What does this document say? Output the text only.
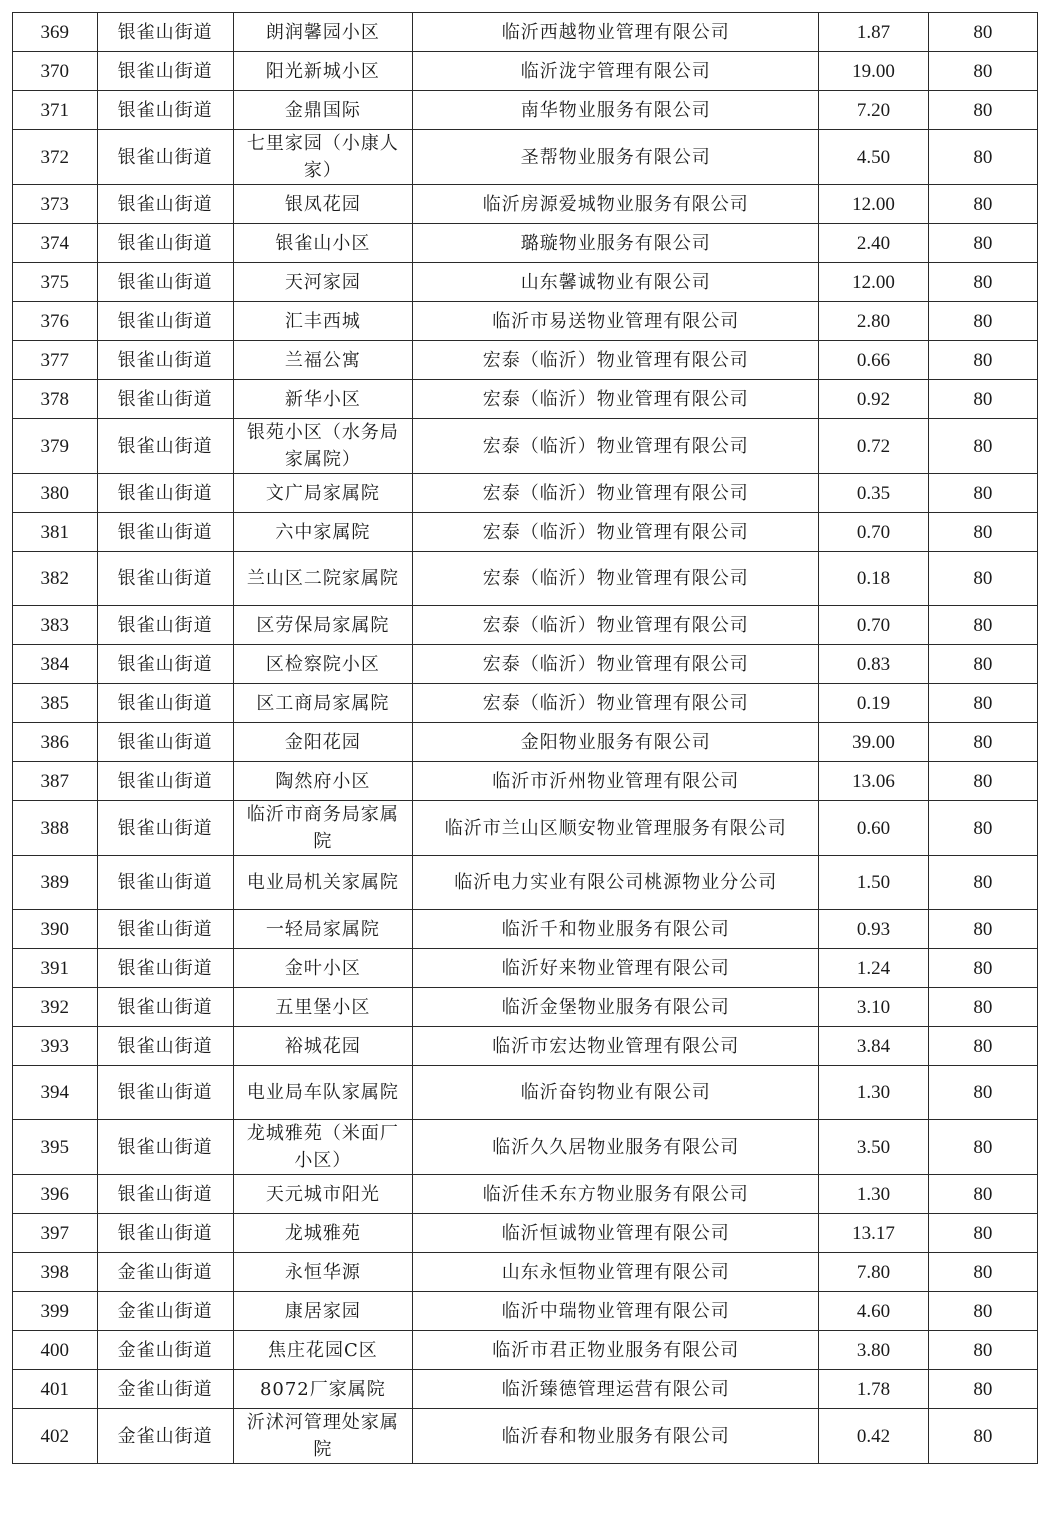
369	银雀山街道	朗润馨园小区	临沂西越物业管理有限公司	1.87	80
370	银雀山街道	阳光新城小区	临沂泷宇管理有限公司	19.00	80
371	银雀山街道	金鼎国际	南华物业服务有限公司	7.20	80
372	银雀山街道	七里家园（小康人家）	圣帮物业服务有限公司	4.50	80
373	银雀山街道	银凤花园	临沂房源爱城物业服务有限公司	12.00	80
374	银雀山街道	银雀山小区	璐璇物业服务有限公司	2.40	80
375	银雀山街道	天河家园	山东馨诚物业有限公司	12.00	80
376	银雀山街道	汇丰西城	临沂市易送物业管理有限公司	2.80	80
377	银雀山街道	兰福公寓	宏泰（临沂）物业管理有限公司	0.66	80
378	银雀山街道	新华小区	宏泰（临沂）物业管理有限公司	0.92	80
379	银雀山街道	银苑小区（水务局家属院）	宏泰（临沂）物业管理有限公司	0.72	80
380	银雀山街道	文广局家属院	宏泰（临沂）物业管理有限公司	0.35	80
381	银雀山街道	六中家属院	宏泰（临沂）物业管理有限公司	0.70	80
382	银雀山街道	兰山区二院家属院	宏泰（临沂）物业管理有限公司	0.18	80
383	银雀山街道	区劳保局家属院	宏泰（临沂）物业管理有限公司	0.70	80
384	银雀山街道	区检察院小区	宏泰（临沂）物业管理有限公司	0.83	80
385	银雀山街道	区工商局家属院	宏泰（临沂）物业管理有限公司	0.19	80
386	银雀山街道	金阳花园	金阳物业服务有限公司	39.00	80
387	银雀山街道	陶然府小区	临沂市沂州物业管理有限公司	13.06	80
388	银雀山街道	临沂市商务局家属院	临沂市兰山区顺安物业管理服务有限公司	0.60	80
389	银雀山街道	电业局机关家属院	临沂电力实业有限公司桃源物业分公司	1.50	80
390	银雀山街道	一轻局家属院	临沂千和物业服务有限公司	0.93	80
391	银雀山街道	金叶小区	临沂好来物业管理有限公司	1.24	80
392	银雀山街道	五里堡小区	临沂金堡物业服务有限公司	3.10	80
393	银雀山街道	裕城花园	临沂市宏达物业管理有限公司	3.84	80
394	银雀山街道	电业局车队家属院	临沂奋钧物业有限公司	1.30	80
395	银雀山街道	龙城雅苑（米面厂小区）	临沂久久居物业服务有限公司	3.50	80
396	银雀山街道	天元城市阳光	临沂佳禾东方物业服务有限公司	1.30	80
397	银雀山街道	龙城雅苑	临沂恒诚物业管理有限公司	13.17	80
398	金雀山街道	永恒华源	山东永恒物业管理有限公司	7.80	80
399	金雀山街道	康居家园	临沂中瑞物业管理有限公司	4.60	80
400	金雀山街道	焦庄花园C区	临沂市君正物业服务有限公司	3.80	80
401	金雀山街道	8072厂家属院	临沂臻德管理运营有限公司	1.78	80
402	金雀山街道	沂沭河管理处家属院	临沂春和物业服务有限公司	0.42	80
